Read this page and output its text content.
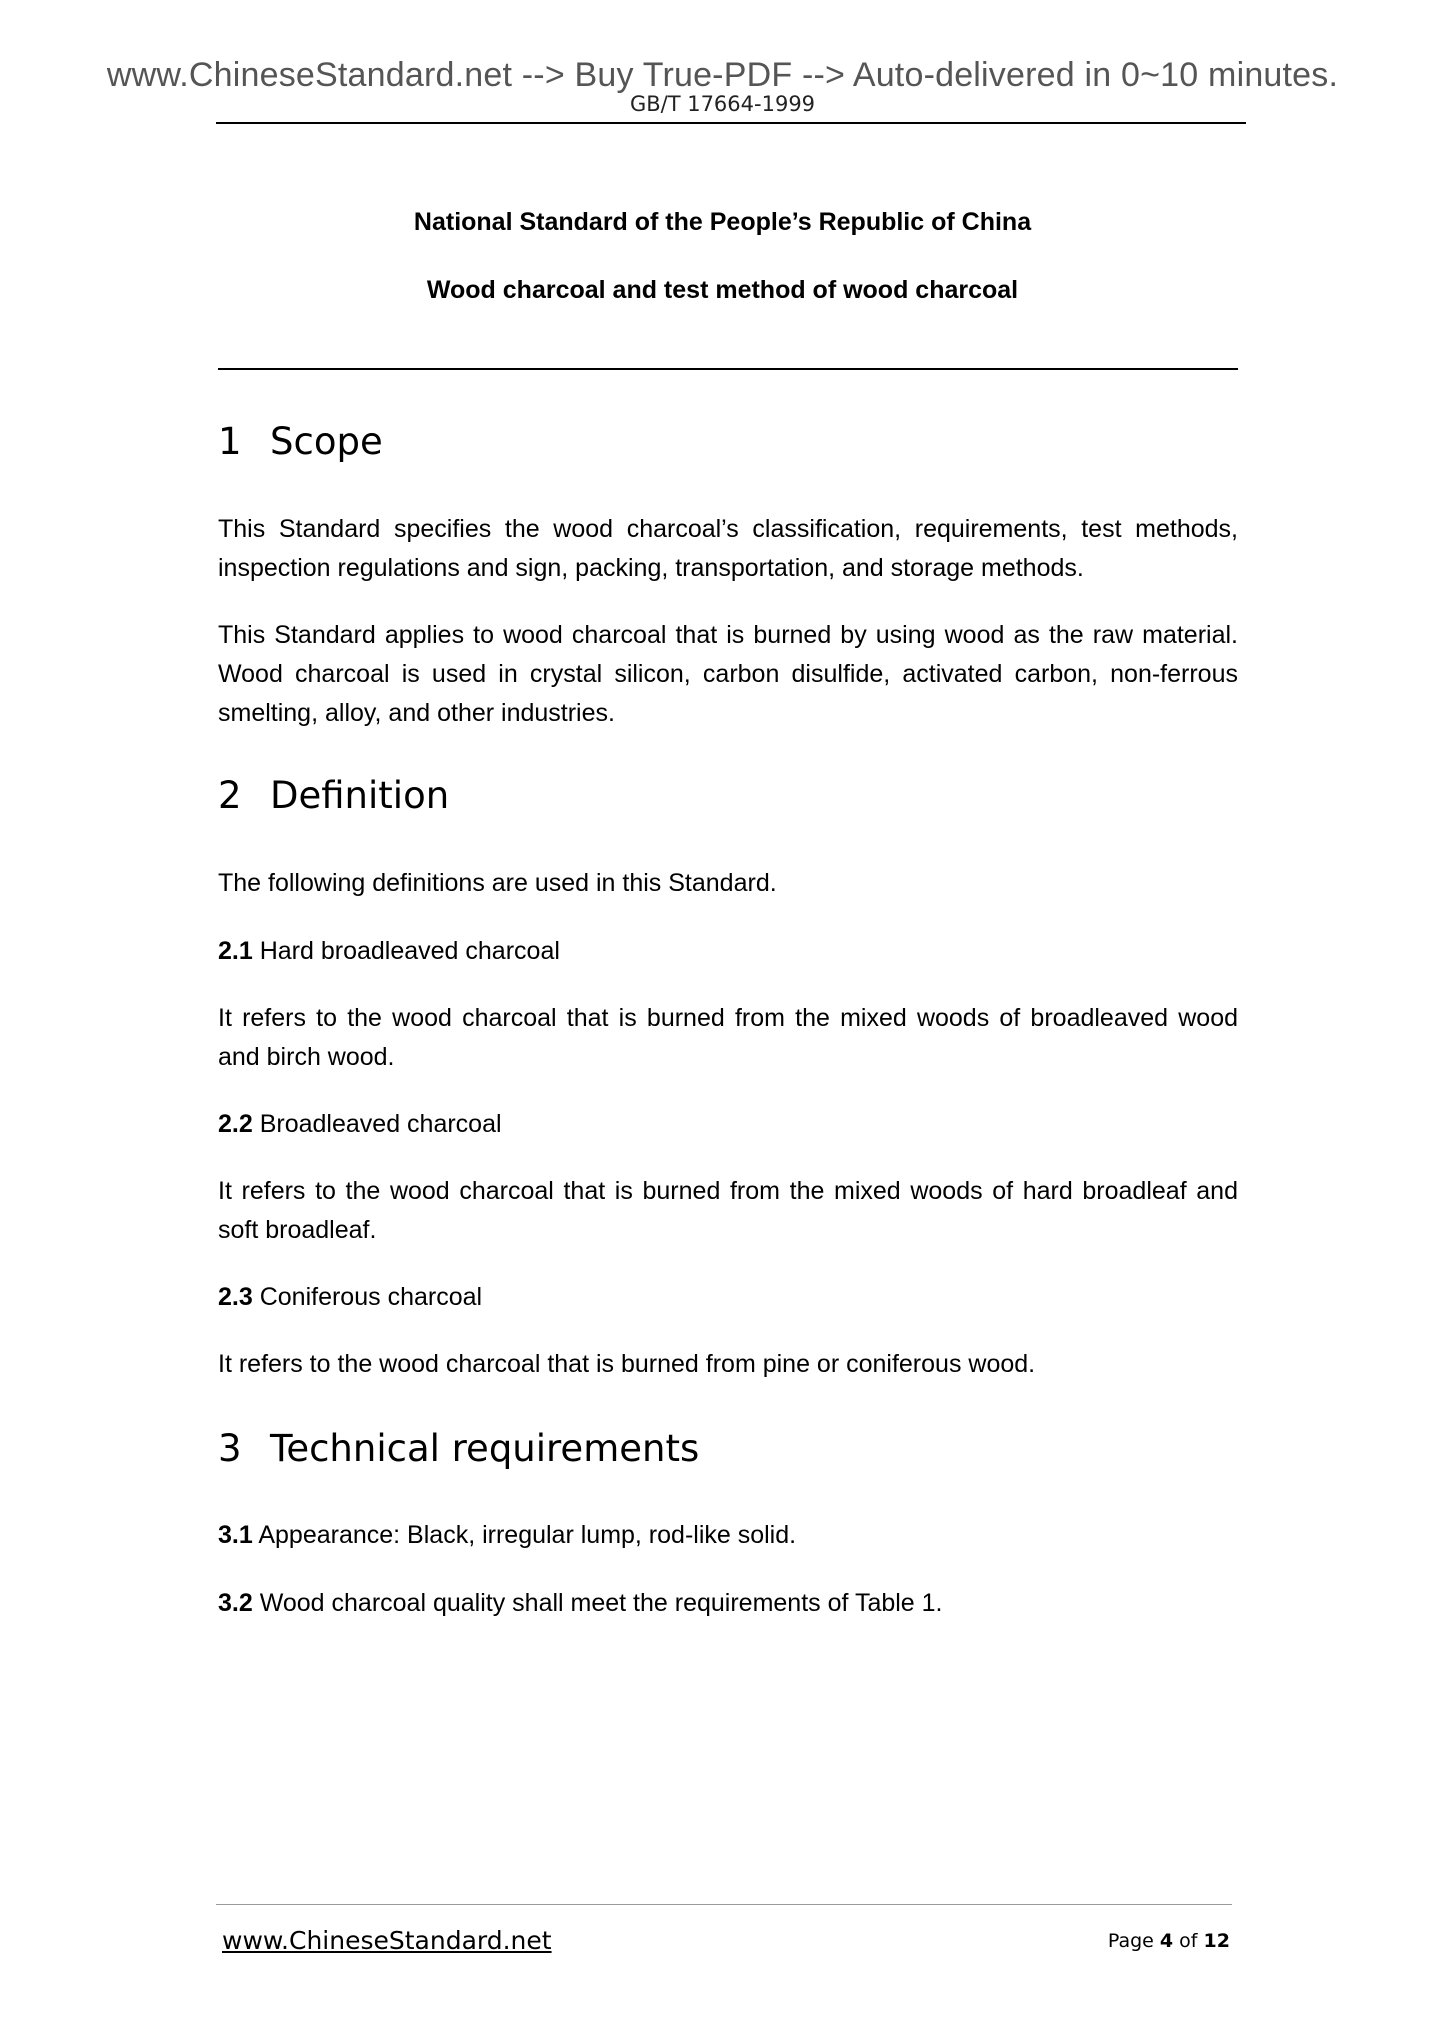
www.ChineseStandard.net --> Buy True-PDF --> Auto-delivered in 0~10 minutes.
GB/T 17664-1999
National Standard of the People’s Republic of China
Wood charcoal and test method of wood charcoal
1 Scope
This Standard specifies the wood charcoal’s classification, requirements, test methods, inspection regulations and sign, packing, transportation, and storage methods.
This Standard applies to wood charcoal that is burned by using wood as the raw material. Wood charcoal is used in crystal silicon, carbon disulfide, activated carbon, non-ferrous smelting, alloy, and other industries.
2 Definition
The following definitions are used in this Standard.
2.1 Hard broadleaved charcoal
It refers to the wood charcoal that is burned from the mixed woods of broadleaved wood and birch wood.
2.2 Broadleaved charcoal
It refers to the wood charcoal that is burned from the mixed woods of hard broadleaf and soft broadleaf.
2.3 Coniferous charcoal
It refers to the wood charcoal that is burned from pine or coniferous wood.
3 Technical requirements
3.1 Appearance: Black, irregular lump, rod-like solid.
3.2 Wood charcoal quality shall meet the requirements of Table 1.
www.ChineseStandard.net	Page 4 of 12
